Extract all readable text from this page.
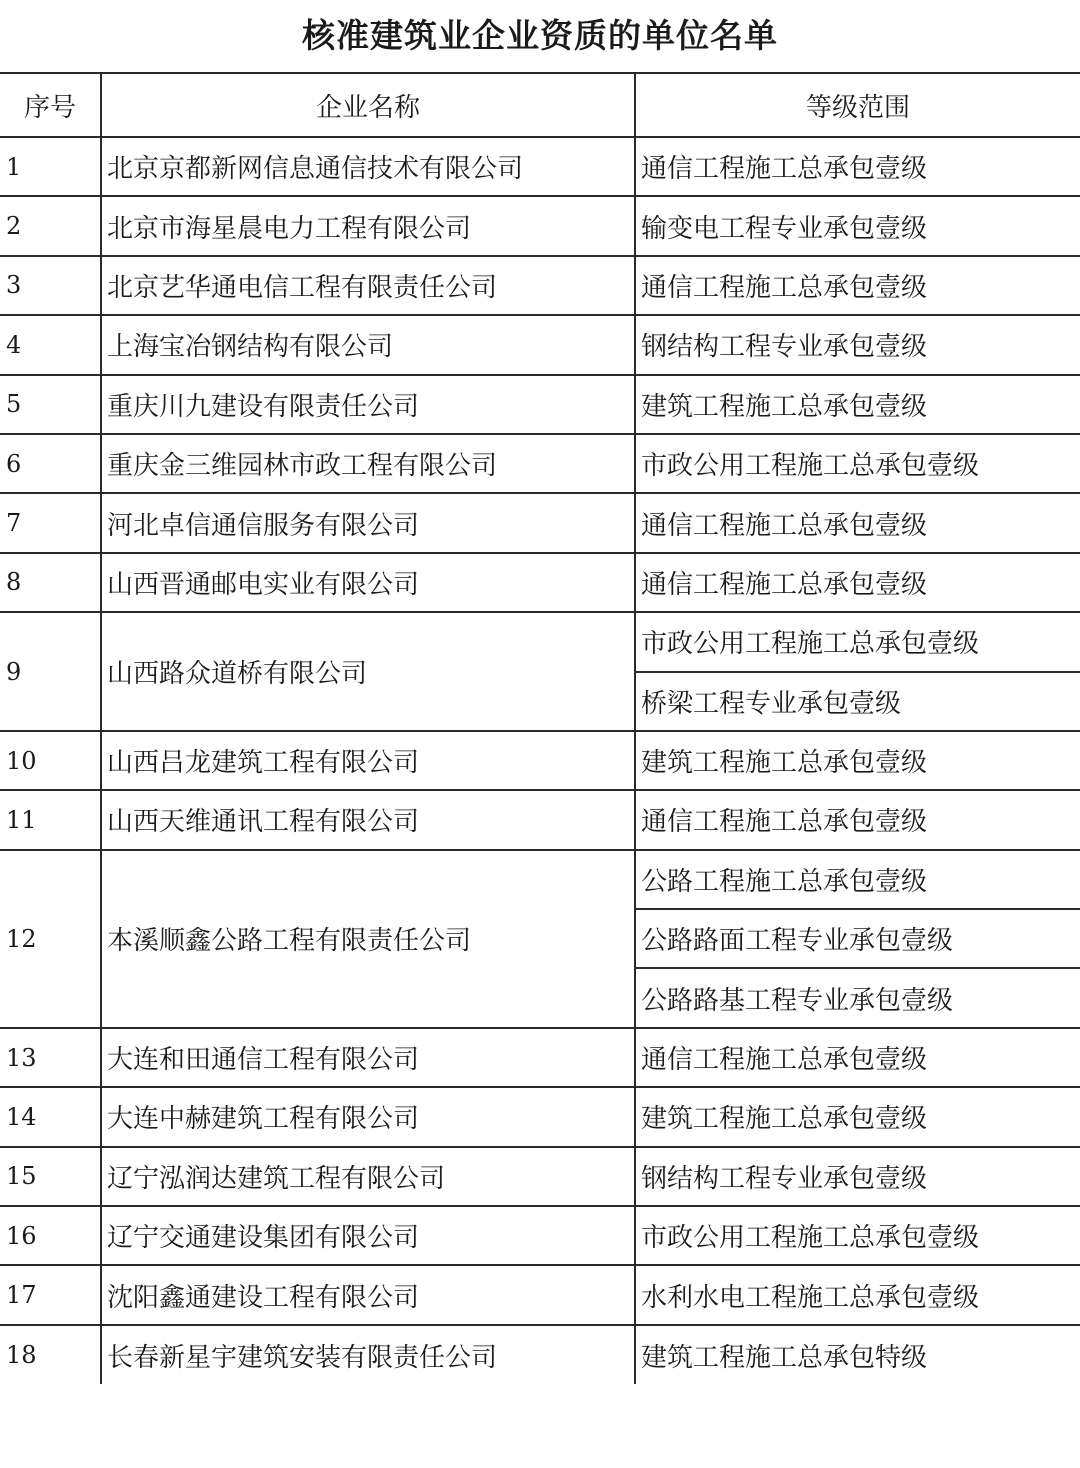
核准建筑业企业资质的单位名单
序号	企业名称	等级范围
1	北京京都新网信息通信技术有限公司	通信工程施工总承包壹级
2	北京市海星晨电力工程有限公司	输变电工程专业承包壹级
3	北京艺华通电信工程有限责任公司	通信工程施工总承包壹级
4	上海宝冶钢结构有限公司	钢结构工程专业承包壹级
5	重庆川九建设有限责任公司	建筑工程施工总承包壹级
6	重庆金三维园林市政工程有限公司	市政公用工程施工总承包壹级
7	河北卓信通信服务有限公司	通信工程施工总承包壹级
8	山西晋通邮电实业有限公司	通信工程施工总承包壹级
9	山西路众道桥有限公司	市政公用工程施工总承包壹级
		桥梁工程专业承包壹级
10	山西吕龙建筑工程有限公司	建筑工程施工总承包壹级
11	山西天维通讯工程有限公司	通信工程施工总承包壹级
12	本溪顺鑫公路工程有限责任公司	公路工程施工总承包壹级
		公路路面工程专业承包壹级
		公路路基工程专业承包壹级
13	大连和田通信工程有限公司	通信工程施工总承包壹级
14	大连中赫建筑工程有限公司	建筑工程施工总承包壹级
15	辽宁泓润达建筑工程有限公司	钢结构工程专业承包壹级
16	辽宁交通建设集团有限公司	市政公用工程施工总承包壹级
17	沈阳鑫通建设工程有限公司	水利水电工程施工总承包壹级
18	长春新星宇建筑安装有限责任公司	建筑工程施工总承包特级
